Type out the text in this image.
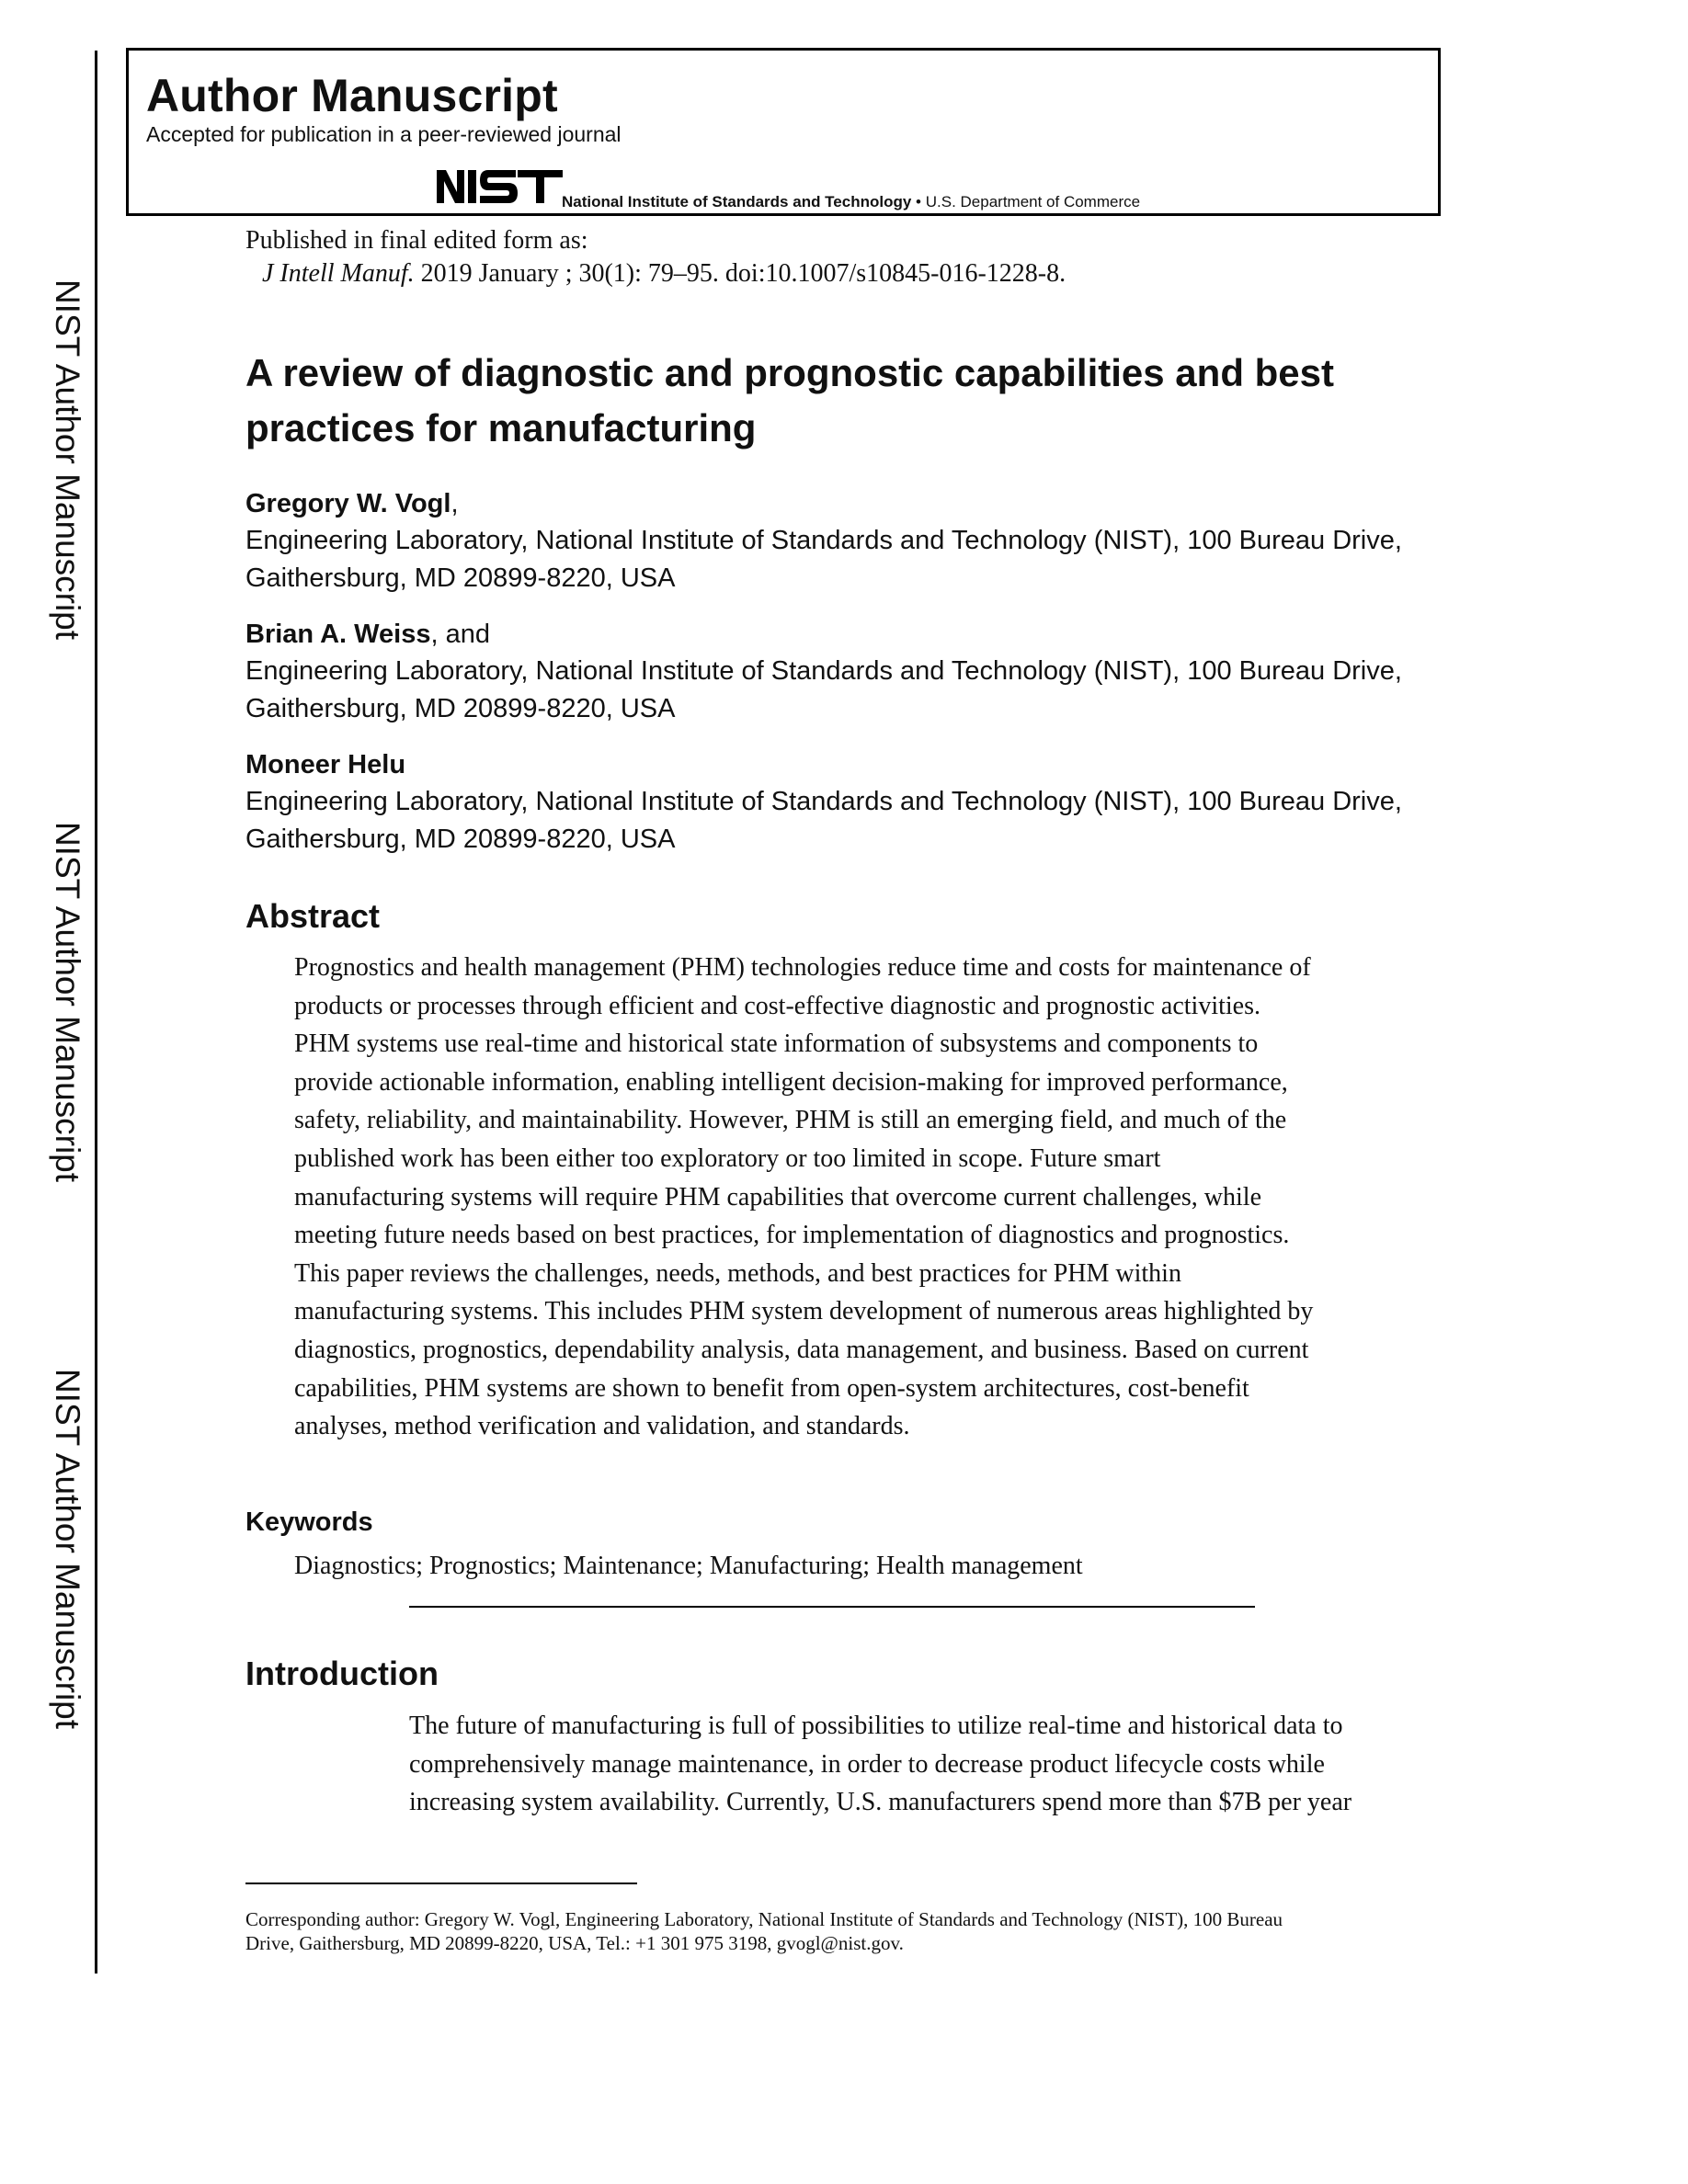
NIST Author Manuscript
NIST Author Manuscript
NIST Author Manuscript
Author Manuscript
Accepted for publication in a peer-reviewed journal
National Institute of Standards and Technology • U.S. Department of Commerce
Published in final edited form as:
J Intell Manuf. 2019 January ; 30(1): 79–95. doi:10.1007/s10845-016-1228-8.
A review of diagnostic and prognostic capabilities and best practices for manufacturing
Gregory W. Vogl,
Engineering Laboratory, National Institute of Standards and Technology (NIST), 100 Bureau Drive, Gaithersburg, MD 20899-8220, USA
Brian A. Weiss, and
Engineering Laboratory, National Institute of Standards and Technology (NIST), 100 Bureau Drive, Gaithersburg, MD 20899-8220, USA
Moneer Helu
Engineering Laboratory, National Institute of Standards and Technology (NIST), 100 Bureau Drive, Gaithersburg, MD 20899-8220, USA
Abstract
Prognostics and health management (PHM) technologies reduce time and costs for maintenance of
products or processes through efficient and cost-effective diagnostic and prognostic activities.
PHM systems use real-time and historical state information of subsystems and components to
provide actionable information, enabling intelligent decision-making for improved performance,
safety, reliability, and maintainability. However, PHM is still an emerging field, and much of the
published work has been either too exploratory or too limited in scope. Future smart
manufacturing systems will require PHM capabilities that overcome current challenges, while
meeting future needs based on best practices, for implementation of diagnostics and prognostics.
This paper reviews the challenges, needs, methods, and best practices for PHM within
manufacturing systems. This includes PHM system development of numerous areas highlighted by
diagnostics, prognostics, dependability analysis, data management, and business. Based on current
capabilities, PHM systems are shown to benefit from open-system architectures, cost-benefit
analyses, method verification and validation, and standards.
Keywords
Diagnostics; Prognostics; Maintenance; Manufacturing; Health management
Introduction
The future of manufacturing is full of possibilities to utilize real-time and historical data to
comprehensively manage maintenance, in order to decrease product lifecycle costs while
increasing system availability. Currently, U.S. manufacturers spend more than $7B per year
Corresponding author: Gregory W. Vogl, Engineering Laboratory, National Institute of Standards and Technology (NIST), 100 Bureau
Drive, Gaithersburg, MD 20899-8220, USA, Tel.: +1 301 975 3198, gvogl@nist.gov.
